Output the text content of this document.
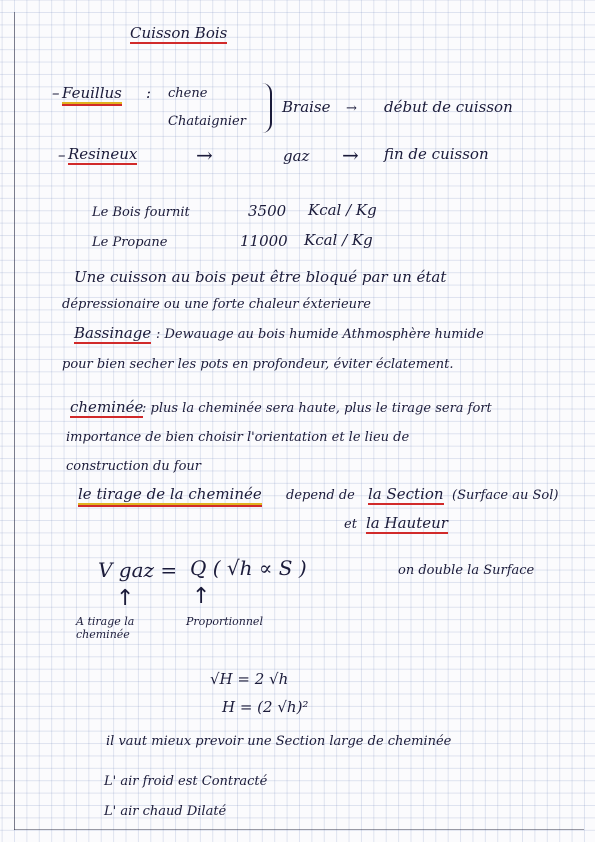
Cuisson Bois
– Feuillus : chene
Chataignier
Braise → début de cuisson
– Resineux	→	gaz → fin de cuisson
Le Bois fournit	3500 Kcal / Kg
Le Propane	11000 Kcal / Kg
Une cuisson au bois peut être bloqué par un état
dépressionaire ou une forte chaleur éxterieure
Bassinage : Dewauage au bois humide Athmosphère humide
pour bien secher les pots en profondeur, éviter éclatement.
cheminée
: plus la cheminée sera haute, plus le tirage sera fort
importance de bien choisir l'orientation et le lieu de
construction du four
le tirage de la cheminée depend de la Section (Surface au Sol)
et la Hauteur
V gaz = Q ( √h ∝ S )	on double la Surface
↑	↑
A tirage la cheminée
Proportionnel
√H = 2 √h
H = (2 √h)²
il vaut mieux prevoir une Section large de cheminée
L' air froid est Contracté
L' air chaud Dilaté
